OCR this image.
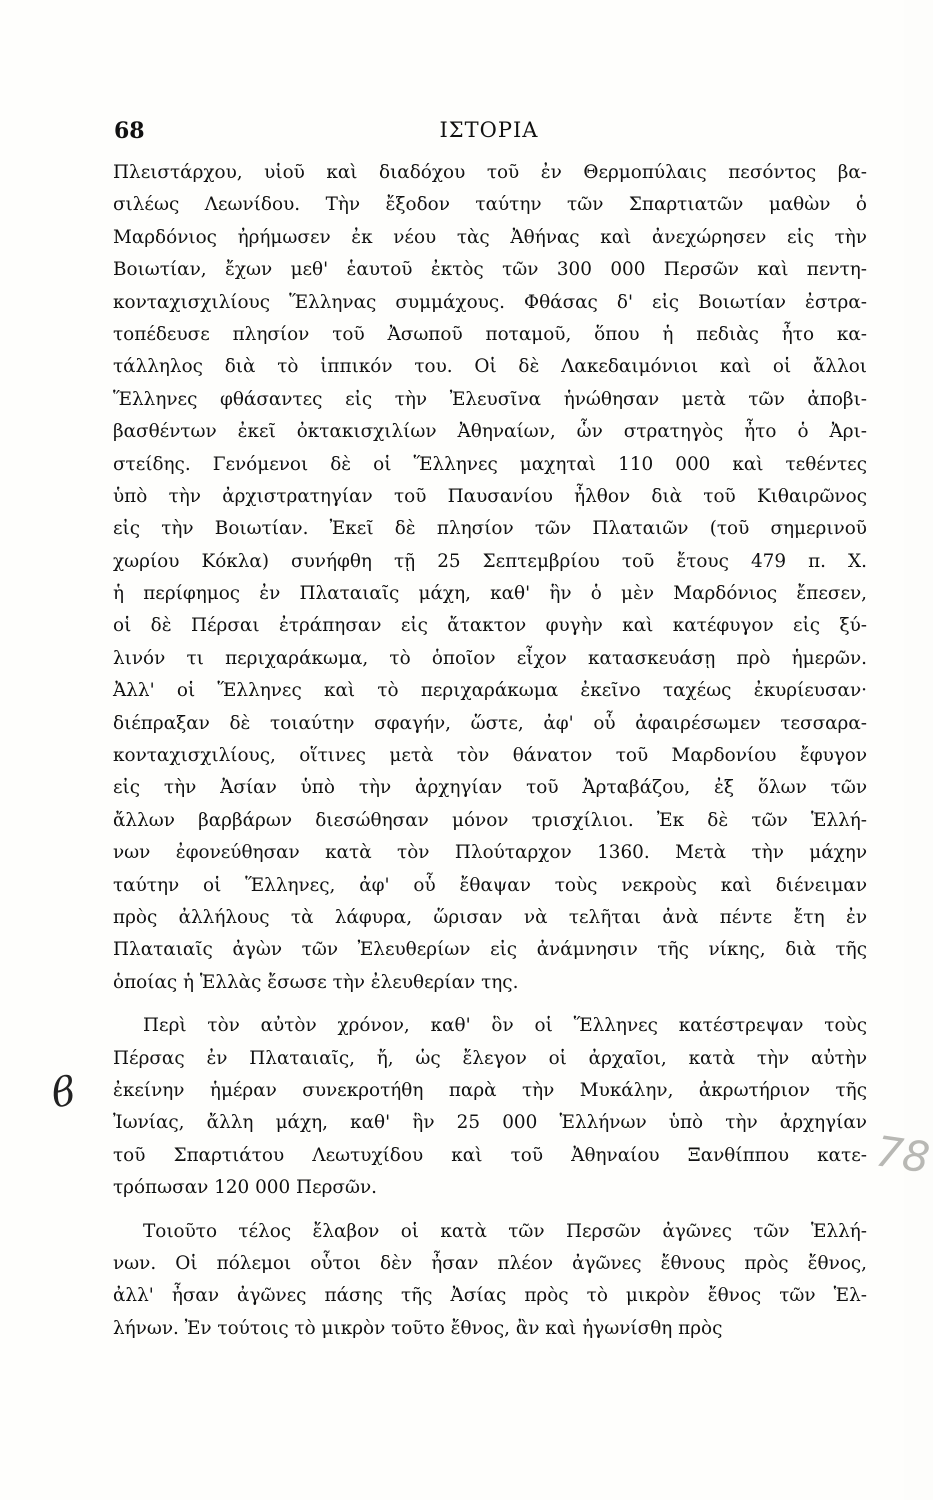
68	ΙΣΤΟΡΙΑ
Πλειστάρχου, υἱοῦ καὶ διαδόχου τοῦ ἐν Θερμοπύλαις πεσόντος βα-
σιλέως Λεωνίδου. Τὴν ἔξοδον ταύτην τῶν Σπαρτιατῶν μαθὼν ὁ
Μαρδόνιος ἠρήμωσεν ἐκ νέου τὰς Ἀθήνας καὶ ἀνεχώρησεν εἰς τὴν
Βοιωτίαν, ἔχων μεθ' ἑαυτοῦ ἐκτὸς τῶν 300 000 Περσῶν καὶ πεντη-
κονταχισχιλίους Ἕλληνας συμμάχους. Φθάσας δ' εἰς Βοιωτίαν ἐστρα-
τοπέδευσε πλησίον τοῦ Ἀσωποῦ ποταμοῦ, ὅπου ἡ πεδιὰς ἦτο κα-
τάλληλος διὰ τὸ ἱππικόν του. Οἱ δὲ Λακεδαιμόνιοι καὶ οἱ ἄλλοι
Ἕλληνες φθάσαντες εἰς τὴν Ἐλευσῖνα ἡνώθησαν μετὰ τῶν ἀποβι-
βασθέντων ἐκεῖ ὀκτακισχιλίων Ἀθηναίων, ὧν στρατηγὸς ἦτο ὁ Ἀρι-
στείδης. Γενόμενοι δὲ οἱ Ἕλληνες μαχηταὶ 110 000 καὶ τεθέντες
ὑπὸ τὴν ἀρχιστρατηγίαν τοῦ Παυσανίου ἦλθον διὰ τοῦ Κιθαιρῶνος
εἰς τὴν Βοιωτίαν. Ἐκεῖ δὲ πλησίον τῶν Πλαταιῶν (τοῦ σημερινοῦ
χωρίου Κόκλα) συνήφθη τῇ 25 Σεπτεμβρίου τοῦ ἔτους 479 π. Χ.
ἡ περίφημος ἐν Πλαταιαῖς μάχη, καθ' ἣν ὁ μὲν Μαρδόνιος ἔπεσεν,
οἱ δὲ Πέρσαι ἐτράπησαν εἰς ἄτακτον φυγὴν καὶ κατέφυγον εἰς ξύ-
λινόν τι περιχαράκωμα, τὸ ὁποῖον εἶχον κατασκευάσῃ πρὸ ἡμερῶν.
Ἀλλ' οἱ Ἕλληνες καὶ τὸ περιχαράκωμα ἐκεῖνο ταχέως ἐκυρίευσαν·
διέπραξαν δὲ τοιαύτην σφαγήν, ὥστε, ἀφ' οὗ ἀφαιρέσωμεν τεσσαρα-
κονταχισχιλίους, οἵτινες μετὰ τὸν θάνατον τοῦ Μαρδονίου ἔφυγον
εἰς τὴν Ἀσίαν ὑπὸ τὴν ἀρχηγίαν τοῦ Ἀρταβάζου, ἐξ ὅλων τῶν
ἄλλων βαρβάρων διεσώθησαν μόνον τρισχίλιοι. Ἐκ δὲ τῶν Ἑλλή-
νων ἐφονεύθησαν κατὰ τὸν Πλούταρχον 1360. Μετὰ τὴν μάχην
ταύτην οἱ Ἕλληνες, ἀφ' οὗ ἔθαψαν τοὺς νεκροὺς καὶ διένειμαν
πρὸς ἀλλήλους τὰ λάφυρα, ὥρισαν νὰ τελῆται ἀνὰ πέντε ἔτη ἐν
Πλαταιαῖς ἀγὼν τῶν Ἐλευθερίων εἰς ἀνάμνησιν τῆς νίκης, διὰ τῆς
ὁποίας ἡ Ἑλλὰς ἔσωσε τὴν ἐλευθερίαν της.
Περὶ τὸν αὐτὸν χρόνον, καθ' ὃν οἱ Ἕλληνες κατέστρεψαν τοὺς
Πέρσας ἐν Πλαταιαῖς, ἤ, ὡς ἔλεγον οἱ ἀρχαῖοι, κατὰ τὴν αὐτὴν
ἐκείνην ἡμέραν συνεκροτήθη παρὰ τὴν Μυκάλην, ἀκρωτήριον τῆς
Ἰωνίας, ἄλλη μάχη, καθ' ἣν 25 000 Ἑλλήνων ὑπὸ τὴν ἀρχηγίαν
τοῦ Σπαρτιάτου Λεωτυχίδου καὶ τοῦ Ἀθηναίου Ξανθίππου κατε-
τρόπωσαν 120 000 Περσῶν.
Τοιοῦτο τέλος ἔλαβον οἱ κατὰ τῶν Περσῶν ἀγῶνες τῶν Ἑλλή-
νων. Οἱ πόλεμοι οὗτοι δὲν ἦσαν πλέον ἀγῶνες ἔθνους πρὸς ἔθνος,
ἀλλ' ἦσαν ἀγῶνες πάσης τῆς Ἀσίας πρὸς τὸ μικρὸν ἔθνος τῶν Ἑλ-
λήνων. Ἐν τούτοις τὸ μικρὸν τοῦτο ἔθνος, ἂν καὶ ἠγωνίσθη πρὸς
ϐ
78
